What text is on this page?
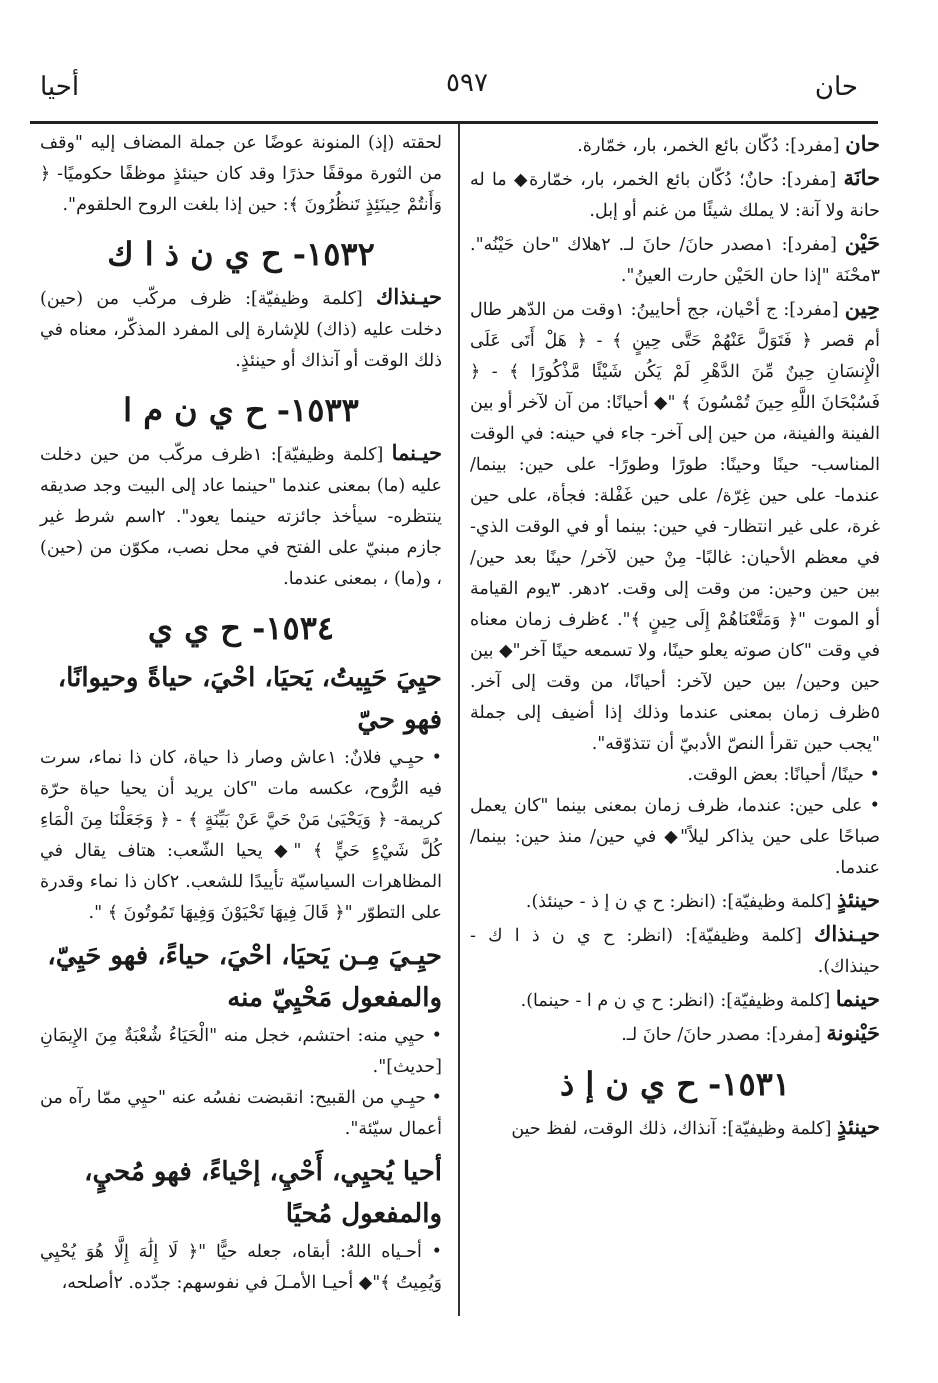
حان
٥٩٧
أحيا

حان [مفرد]: دُكّان بائع الخمر، بار، خمّارة.

حانَة [مفرد]: حانٌ؛ دُكّان بائع الخمر، بار، خمّارة◆ ما له حانة ولا آنة: لا يملك شيئًا من غنم أو إبل.

حَيْن [مفرد]: ١مصدر حانَ/ حانَ لـ. ٢هلاك "حان حَيْنُه". ٣محْنَة "إذا حان الحَيْن حارت العينُ".

حِين [مفرد]: ج أحْيان، جج أحايينُ: ١وقت من الدّهر طال أم قصر ﴿ فَتَوَلَّ عَنْهُمْ حَتَّى حِينٍ ﴾ - ﴿ هَلْ أَتَى عَلَى الْإِنسَانِ حِينٌ مِّنَ الدَّهْرِ لَمْ يَكُن شَيْئًا مَّذْكُورًا ﴾ - ﴿ فَسُبْحَانَ اللَّهِ حِينَ تُمْسُونَ ﴾ "◆ أحيانًا: من آن لآخر أو بين الفينة والفينة، من حين إلى آخر- جاء في حينه: في الوقت المناسب- حينًا وحينًا: طورًا وطورًا- على حين: بينما/ عندما- على حين غِرّة/ على حين غَفْلة: فجأة، على حين غرة، على غير انتظار- في حين: بينما أو في الوقت الذي- في معظم الأحيان: غالبًا- مِنْ حين لآخر/ حينًا بعد حين/ بين حين وحين: من وقت إلى وقت. ٢دهر. ٣يوم القيامة أو الموت "﴿ وَمَتَّعْنَاهُمْ إِلَى حِينٍ ﴾". ٤ظرف زمان معناه في وقت "كان صوته يعلو حينًا، ولا تسمعه حينًا آخر"◆ بين حين وحين/ بين حين لآخر: أحيانًا، من وقت إلى آخر. ٥ظرف زمان بمعنى عندما وذلك إذا أضيف إلى جملة "يجب حين تقرأ النصّ الأدبيّ أن تتذوّقه".

• حينًا/ أحيانًا: بعض الوقت.

• على حين: عندما، ظرف زمان بمعنى بينما "كان يعمل صباحًا على حين يذاكر ليلاً"◆ في حين/ منذ حين: بينما/ عندما.

حينئذٍ [كلمة وظيفيّة]: (انظر: ح ي ن إ ذ - حينئذ).

حيـنذاك [كلمة وظيفيّة]: (انظر: ح ي ن ذ ا ك - حينذاك).

حينما [كلمة وظيفيّة]: (انظر: ح ي ن م ا - حينما).

حَيْنونة [مفرد]: مصدر حانَ/ حانَ لـ.

١٥٣١- ح ي ن إ ذ

حينئذٍ [كلمة وظيفيّة]: آنذاك، ذلك الوقت، لفظ حين

لحقته (إذ) المنونة عوضًا عن جملة المضاف إليه "وقف من الثورة موقفًا حذرًا وقد كان حينئذٍ موظفًا حكوميًا- ﴿ وَأَنتُمْ حِينَئِذٍ تَنظُرُونَ ﴾: حين إذا بلغت الروح الحلقوم".

١٥٣٢- ح ي ن ذ ا ك

حيـنذاك [كلمة وظيفيّة]: ظرف مركّب من (حين) دخلت عليه (ذاك) للإشارة إلى المفرد المذكّر، معناه في ذلك الوقت أو آنذاك أو حينئذٍ.

١٥٣٣- ح ي ن م ا

حيـنما [كلمة وظيفيّة]: ١ظرف مركّب من حين دخلت عليه (ما) بمعنى عندما "حينما عاد إلى البيت وجد صديقه ينتظره- سيأخذ جائزته حينما يعود". ٢اسم شرط غير جازم مبنيّ على الفتح في محل نصب، مكوّن من (حين) ، و(ما) ، بمعنى عندما.

١٥٣٤- ح ي ي
حيِيَ حَيِيتُ، يَحيَا، احْيَ، حياةً وحيوانًا، فهو حيّ

• حيِـي فلانٌ: ١عاش وصار ذا حياة، كان ذا نماء، سرت فيه الرُّوح، عكسه مات "كان يريد أن يحيا حياة حرّة كريمة- ﴿ وَيَحْيَىٰ مَنْ حَيَّ عَنْ بَيِّنَةٍ ﴾ - ﴿ وَجَعَلْنَا مِنَ الْمَاءِ كُلَّ شَيْءٍ حَيٍّ ﴾ "◆ يحيا الشّعب: هتاف يقال في المظاهرات السياسيّة تأييدًا للشعب. ٢كان ذا نماء وقدرة على التطوّر "﴿ قَالَ فِيهَا تَحْيَوْنَ وَفِيهَا تَمُوتُونَ ﴾ ".

حيِـيَ مِـن يَحيَا، احْيَ، حياءً، فهو حَيِيّ، والمفعول مَحْيِيّ منه

• حيِي منه: احتشم، خجل منه "الْحَيَاءُ شُعْبَةٌ مِنَ الإِيمَانِ [حديث]".

• حيِـي من القبيح: انقبضت نفسُه عنه "حيِي ممّا رآه من أعمال سيّئة".

أحيا يُحيِي، أَحْيِ، إحْياءً، فهو مُحيٍ، والمفعول مُحيًا

• أحـياه اللهُ: أبقاه، جعله حيًّا "﴿ لَا إِلَٰهَ إِلَّا هُوَ يُحْيِي وَيُمِيتُ ﴾"◆ أحيـا الأمـلَ في نفوسهم: جدّده. ٢أصلحه،
